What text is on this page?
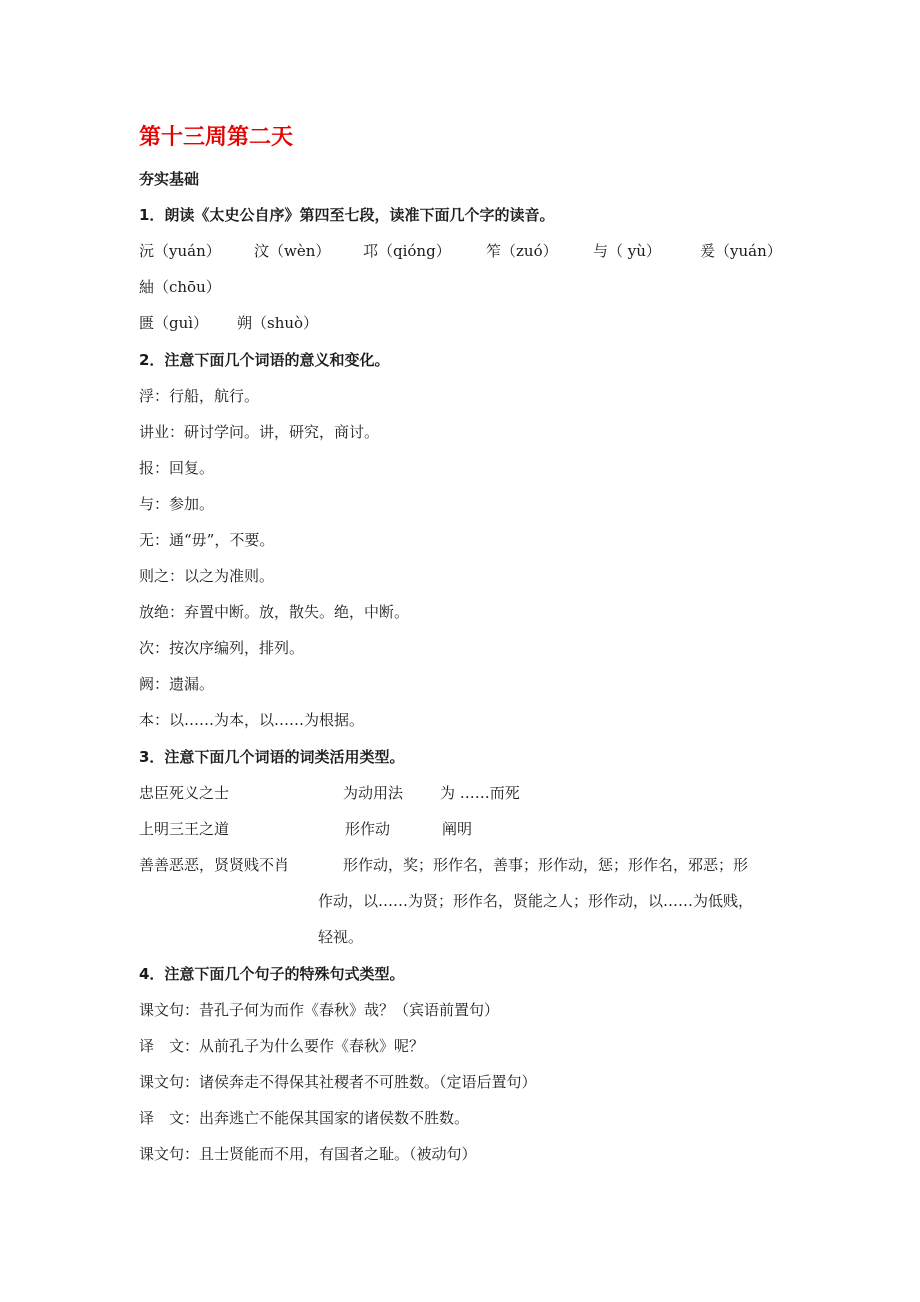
第十三周第二天
夯实基础
1．朗读《太史公自序》第四至七段，读准下面几个字的读音。
沅（yuán） 汶（wèn） 邛（qióng） 笮（zuó） 与（ yù）	爰（yuán）
紬（chōu）
匮（guì） 朔（shuò）
2．注意下面几个词语的意义和变化。
浮：行船，航行。
讲业：研讨学问。讲，研究，商讨。
报：回复。
与：参加。
无：通“毋”，不要。
则之：以之为准则。
放绝：弃置中断。放，散失。绝，中断。
次：按次序编列，排列。
阙：遗漏。
本：以……为本，以……为根据。
3．注意下面几个词语的词类活用类型。
忠臣死义之士	为动用法 为 ……而死
上明三王之道	形作动	阐明
善善恶恶，贤贤贱不肖	形作动，奖；形作名，善事；形作动，惩；形作名，邪恶；形
作动，以……为贤；形作名，贤能之人；形作动，以……为低贱，
轻视。
4．注意下面几个句子的特殊句式类型。
课文句：昔孔子何为而作《春秋》哉？（宾语前置句）
译　文：从前孔子为什么要作《春秋》呢？
课文句：诸侯奔走不得保其社稷者不可胜数。（定语后置句）
译　文：出奔逃亡不能保其国家的诸侯数不胜数。
课文句：且士贤能而不用，有国者之耻。（被动句）
